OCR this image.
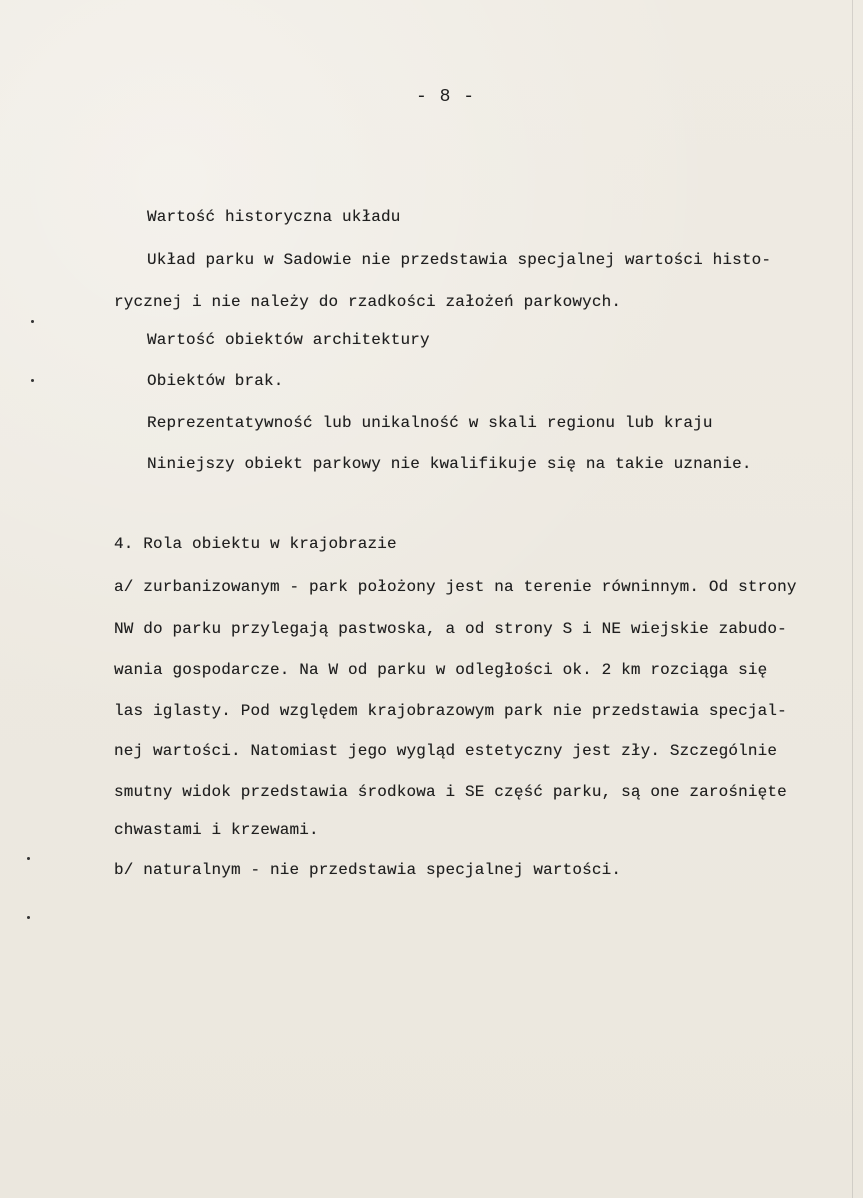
- 8 -
Wartość historyczna układu
Układ parku w Sadowie nie przedstawia specjalnej wartości histo-
rycznej i nie należy do rzadkości założeń parkowych.
Wartość obiektów architektury
Obiektów brak.
Reprezentatywność lub unikalność w skali regionu lub kraju
Niniejszy obiekt parkowy nie kwalifikuje się na takie uznanie.
4. Rola obiektu w krajobrazie
a/ zurbanizowanym - park położony jest na terenie równinnym. Od strony
NW do parku przylegają pastwoska, a od strony S i NE wiejskie zabudo-
wania gospodarcze. Na W od parku w odległości ok. 2 km rozciąga się
las iglasty. Pod względem krajobrazowym park nie przedstawia specjal-
nej wartości. Natomiast jego wygląd estetyczny jest zły. Szczególnie
smutny widok przedstawia środkowa i SE część parku, są one zarośnięte
chwastami i krzewami.
b/ naturalnym - nie przedstawia specjalnej wartości.
